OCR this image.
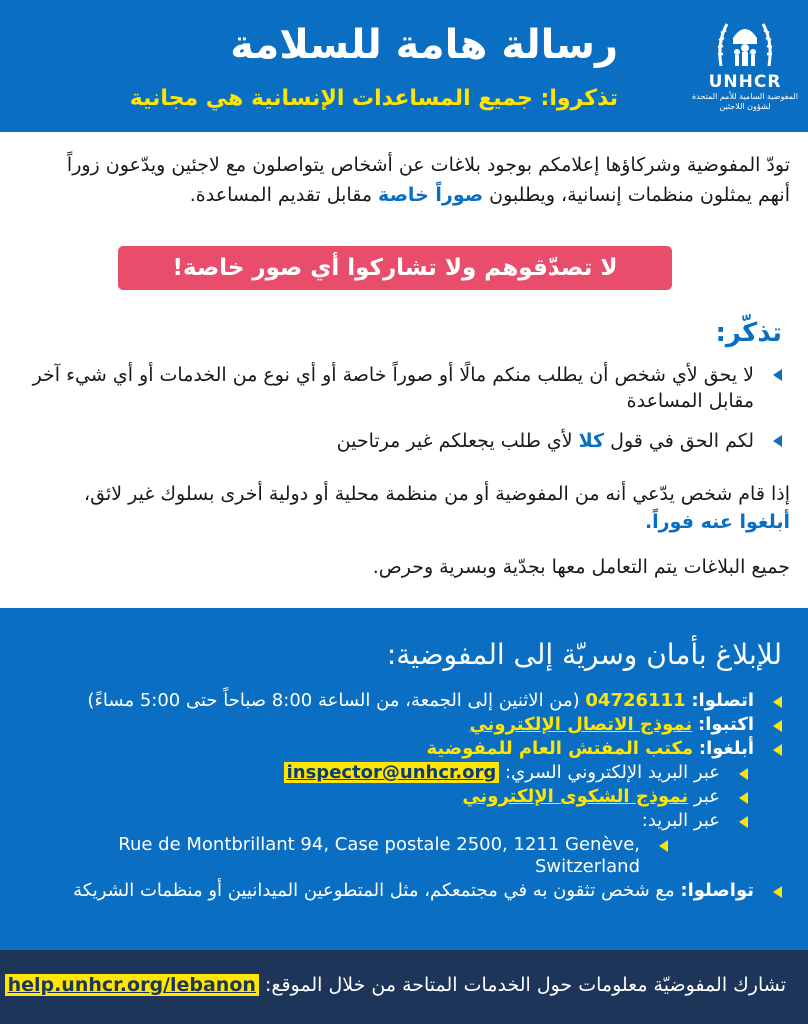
رسالة هامة للسلامة
تذكروا: جميع المساعدات الإنسانية هي مجانية
UNHCR
المفوضية السامية للأمم المتحدة
لشؤون اللاجئين
تودّ المفوضية وشركاؤها إعلامكم بوجود بلاغات عن أشخاص يتواصلون مع لاجئين ويدّعون زوراً أنهم يمثلون منظمات إنسانية، ويطلبون صوراً خاصة مقابل تقديم المساعدة.
لا تصدّقوهم ولا تشاركوا أي صور خاصة!
تذكّر:
لا يحق لأي شخص أن يطلب منكم مالًا أو صوراً خاصة أو أي نوع من الخدمات أو أي شيء آخر مقابل المساعدة
لكم الحق في قول كلا لأي طلب يجعلكم غير مرتاحين
إذا قام شخص يدّعي أنه من المفوضية أو من منظمة محلية أو دولية أخرى بسلوك غير لائق، أبلغوا عنه فوراً.
جميع البلاغات يتم التعامل معها بجدّية وبسرية وحرص.
للإبلاغ بأمان وسريّة إلى المفوضية:
اتصلوا: 04726111 (من الاثنين إلى الجمعة، من الساعة 8:00 صباحاً حتى 5:00 مساءً)
اكتبوا: نموذج الاتصال الإلكتروني
أبلغوا: مكتب المفتش العام للمفوضية
عبر البريد الإلكتروني السري: inspector@unhcr.org
عبر نموذج الشكوى الإلكتروني
عبر البريد:
Rue de Montbrillant 94, Case postale 2500, 1211 Genève, Switzerland
تواصلوا: مع شخص تثقون به في مجتمعكم، مثل المتطوعين الميدانيين أو منظمات الشريكة
تشارك المفوضيّة معلومات حول الخدمات المتاحة من خلال الموقع: help.unhcr.org/lebanon
